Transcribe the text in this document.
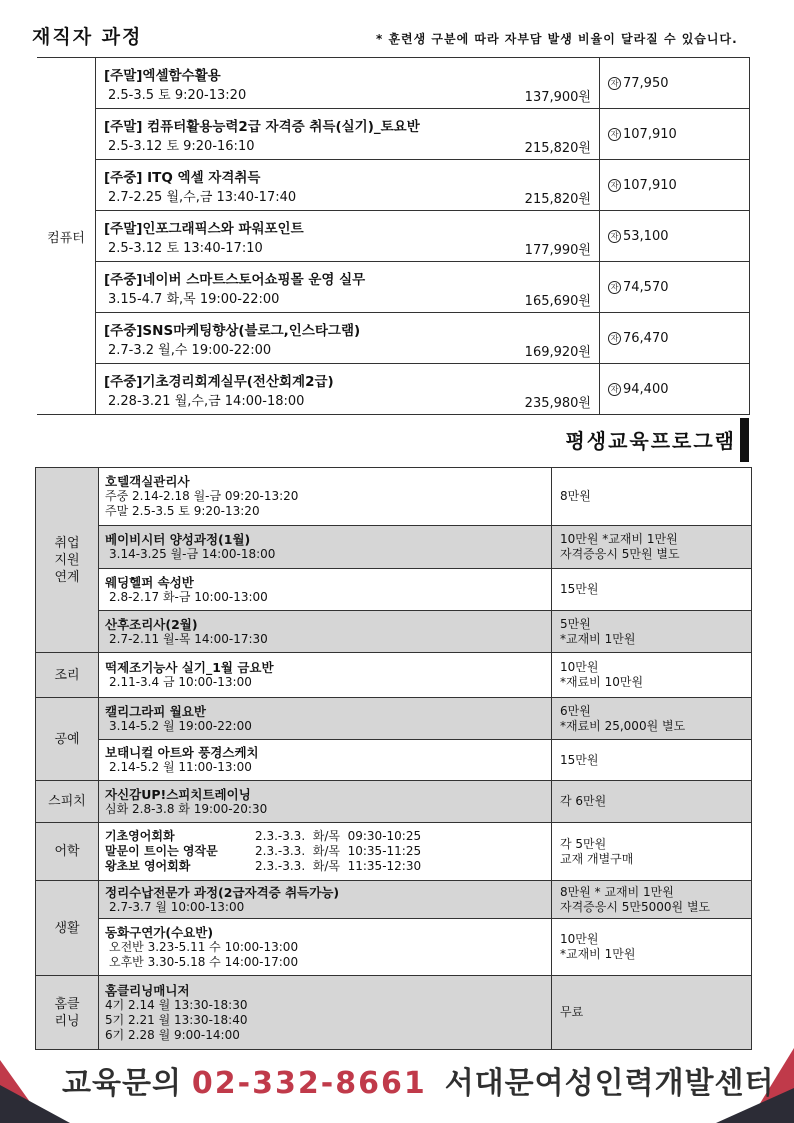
재직자 과정	* 훈련생 구분에 따라 자부담 발생 비율이 달라질 수 있습니다.
컴퓨터	[주말]엑셀함수활용
2.5-3.5 토 9:20-13:20 137,900원	자 77,950

	[주말] 컴퓨터활용능력2급 자격증 취득(실기)_토요반
2.5-3.12 토 9:20-16:10 215,820원	자 107,910

	[주중] ITQ 엑셀 자격취득
2.7-2.25 월,수,금 13:40-17:40 215,820원	자 107,910

	[주말]인포그래픽스와 파워포인트
2.5-3.12 토 13:40-17:10 177,990원	자 53,100

	[주중]네이버 스마트스토어쇼핑몰 운영 실무
3.15-4.7 화,목 19:00-22:00 165,690원	자 74,570

	[주중]SNS마케팅향상(블로그,인스타그램)
2.7-3.2 월,수 19:00-22:00 169,920원	자 76,470

	[주중]기초경리회계실무(전산회계2급)
2.28-3.21 월,수,금 14:00-18:00 235,980원	자 94,400
평생교육프로그램
취업
지원
연계	호텔객실관리사
주중 2.14-2.18 월-금 09:20-13:20
주말 2.5-3.5 토 9:20-13:20	8만원

	베이비시터 양성과정(1월)
3.14-3.25 월-금 14:00-18:00	10만원 *교재비 1만원
자격증응시 5만원 별도

	웨딩헬퍼 속성반
2.8-2.17 화-금 10:00-13:00	15만원

	산후조리사(2월)
2.7-2.11 월-목 14:00-17:30	5만원
*교재비 1만원

조리	떡제조기능사 실기_1월 금요반
2.11-3.4 금 10:00-13:00	10만원
*재료비 10만원

공예	캘리그라피 월요반
3.14-5.2 월 19:00-22:00	6만원
*재료비 25,000원 별도

	보태니컬 아트와 풍경스케치
2.14-5.2 월 11:00-13:00	15만원

스피치	자신감UP!스피치트레이닝
심화 2.8-3.8 화 19:00-20:30	각 6만원

어학	기초영어회화 2.3.-3.3.  화/목  09:30-10:25
말문이 트이는 영작문 2.3.-3.3.  화/목  10:35-11:25
왕초보 영어회화 2.3.-3.3.  화/목  11:35-12:30	각 5만원
교재 개별구매

생활	정리수납전문가 과정(2급자격증 취득가능)
2.7-3.7 월 10:00-13:00	8만원 * 교재비 1만원
자격증응시 5만5000원 별도

	동화구연가(수요반)
오전반 3.23-5.11 수 10:00-13:00
오후반 3.30-5.18 수 14:00-17:00	10만원
*교재비 1만원

홈클
리닝	홈클리닝매니저
4기 2.14 월 13:30-18:30
5기 2.21 월 13:30-18:40
6기 2.28 월 9:00-14:00	무료
교육문의 02-332-8661 서대문여성인력개발센터
